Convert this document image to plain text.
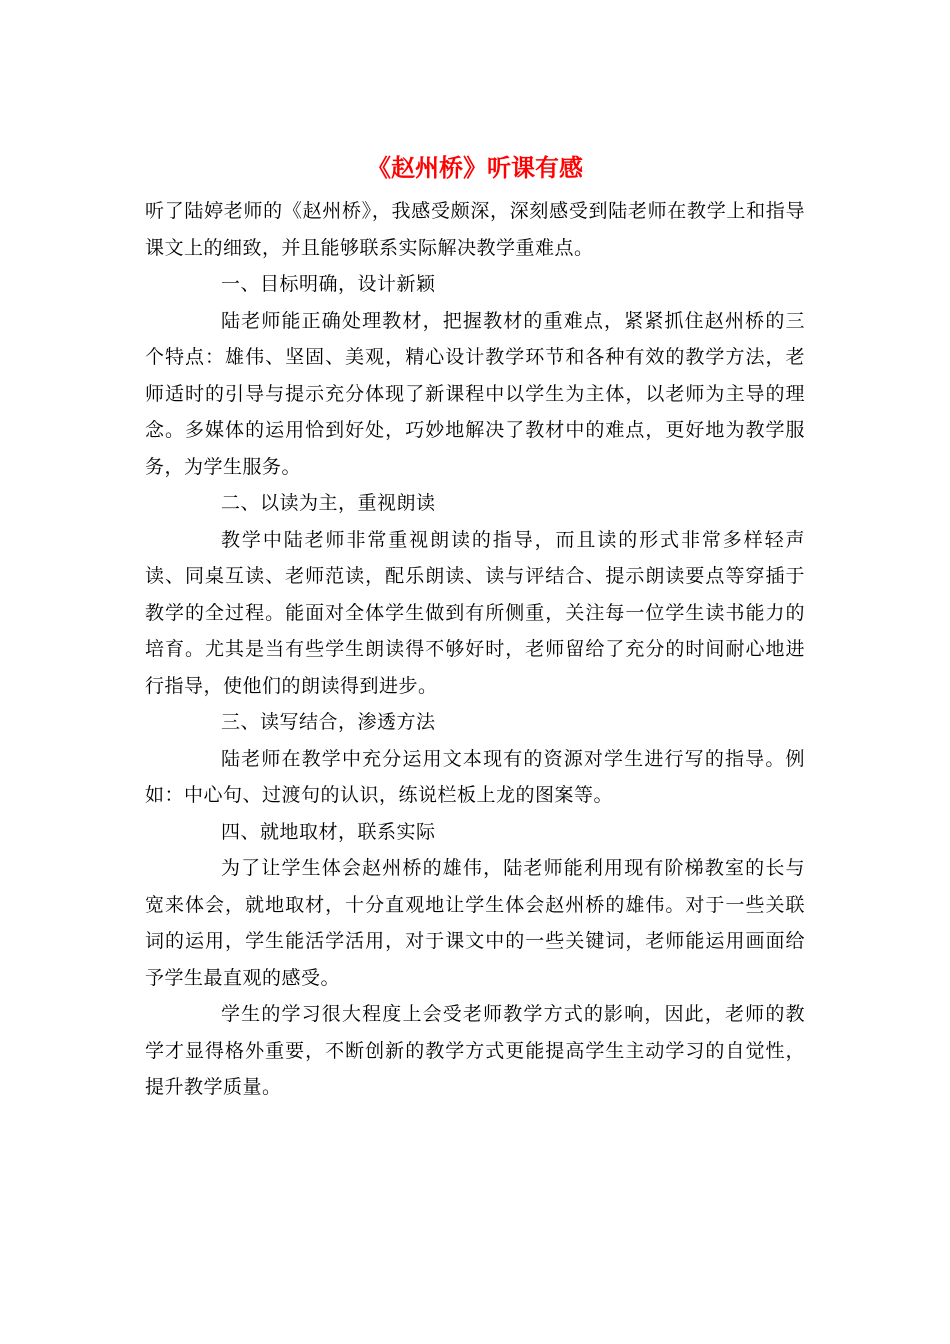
《赵州桥》听课有感

听了陆婷老师的《赵州桥》，我感受颇深，深刻感受到陆老师在教学上和指导课文上的细致，并且能够联系实际解决教学重难点。

一、目标明确，设计新颖

陆老师能正确处理教材，把握教材的重难点，紧紧抓住赵州桥的三个特点：雄伟、坚固、美观，精心设计教学环节和各种有效的教学方法，老师适时的引导与提示充分体现了新课程中以学生为主体，以老师为主导的理念。多媒体的运用恰到好处，巧妙地解决了教材中的难点，更好地为教学服务，为学生服务。

二、以读为主，重视朗读

教学中陆老师非常重视朗读的指导，而且读的形式非常多样轻声读、同桌互读、老师范读，配乐朗读、读与评结合、提示朗读要点等穿插于教学的全过程。能面对全体学生做到有所侧重，关注每一位学生读书能力的培育。尤其是当有些学生朗读得不够好时，老师留给了充分的时间耐心地进行指导，使他们的朗读得到进步。

三、读写结合，渗透方法

陆老师在教学中充分运用文本现有的资源对学生进行写的指导。例如：中心句、过渡句的认识，练说栏板上龙的图案等。

四、就地取材，联系实际

为了让学生体会赵州桥的雄伟，陆老师能利用现有阶梯教室的长与宽来体会，就地取材，十分直观地让学生体会赵州桥的雄伟。对于一些关联词的运用，学生能活学活用，对于课文中的一些关键词，老师能运用画面给予学生最直观的感受。

学生的学习很大程度上会受老师教学方式的影响，因此，老师的教学才显得格外重要，不断创新的教学方式更能提高学生主动学习的自觉性，提升教学质量。
